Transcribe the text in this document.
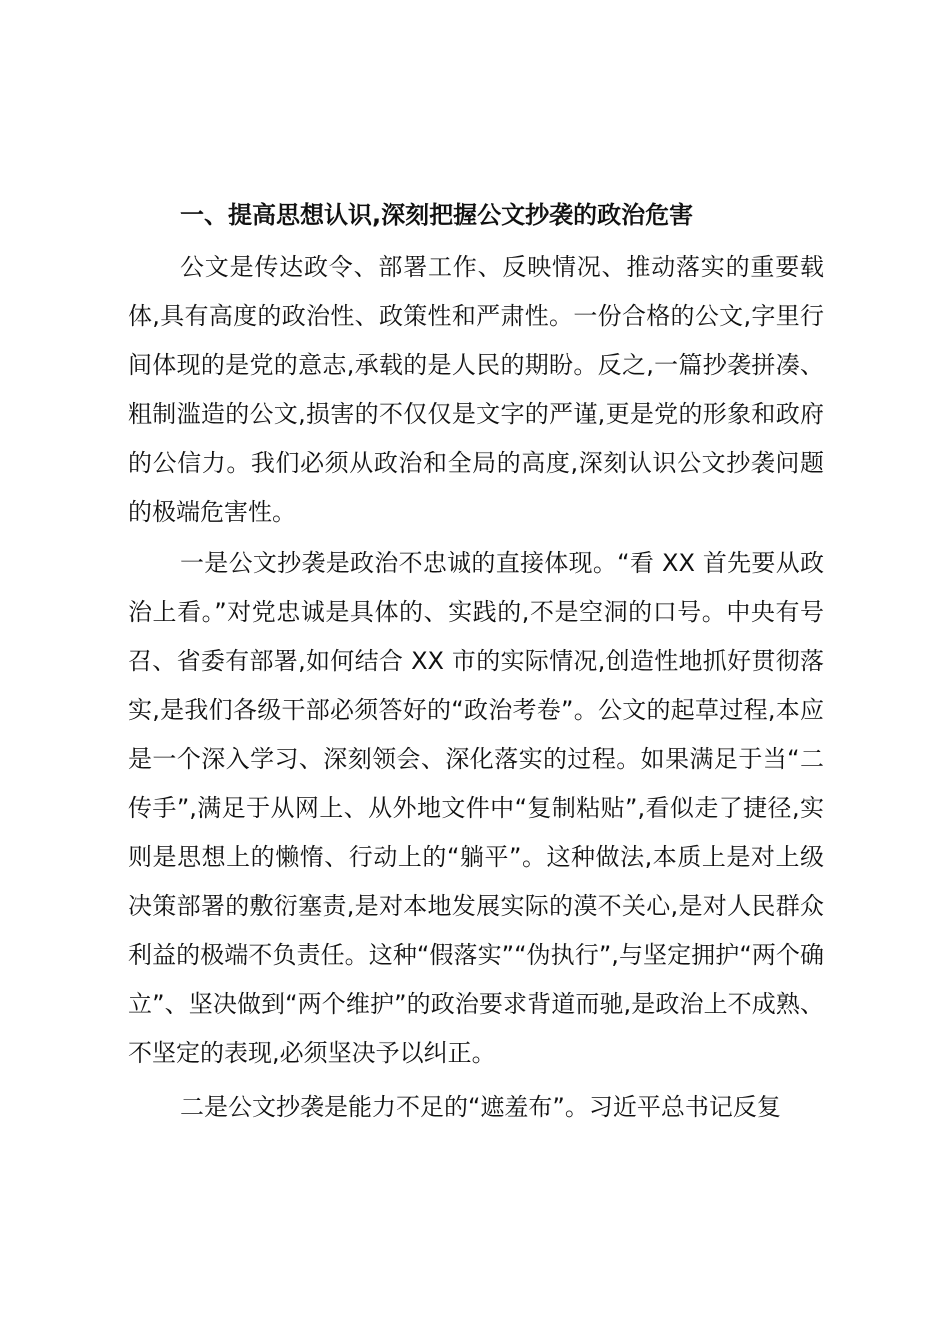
一、提高思想认识,深刻把握公文抄袭的政治危害

公文是传达政令、部署工作、反映情况、推动落实的重要载体,具有高度的政治性、政策性和严肃性。一份合格的公文,字里行间体现的是党的意志,承载的是人民的期盼。反之,一篇抄袭拼凑、粗制滥造的公文,损害的不仅仅是文字的严谨,更是党的形象和政府的公信力。我们必须从政治和全局的高度,深刻认识公文抄袭问题的极端危害性。

一是公文抄袭是政治不忠诚的直接体现。“看 XX 首先要从政治上看。”对党忠诚是具体的、实践的,不是空洞的口号。中央有号召、省委有部署,如何结合 XX 市的实际情况,创造性地抓好贯彻落实,是我们各级干部必须答好的“政治考卷”。公文的起草过程,本应是一个深入学习、深刻领会、深化落实的过程。如果满足于当“二传手”,满足于从网上、从外地文件中“复制粘贴”,看似走了捷径,实则是思想上的懒惰、行动上的“躺平”。这种做法,本质上是对上级决策部署的敷衍塞责,是对本地发展实际的漠不关心,是对人民群众利益的极端不负责任。这种“假落实”“伪执行”,与坚定拥护“两个确立”、坚决做到“两个维护”的政治要求背道而驰,是政治上不成熟、不坚定的表现,必须坚决予以纠正。

二是公文抄袭是能力不足的“遮羞布”。习近平总书记反复
